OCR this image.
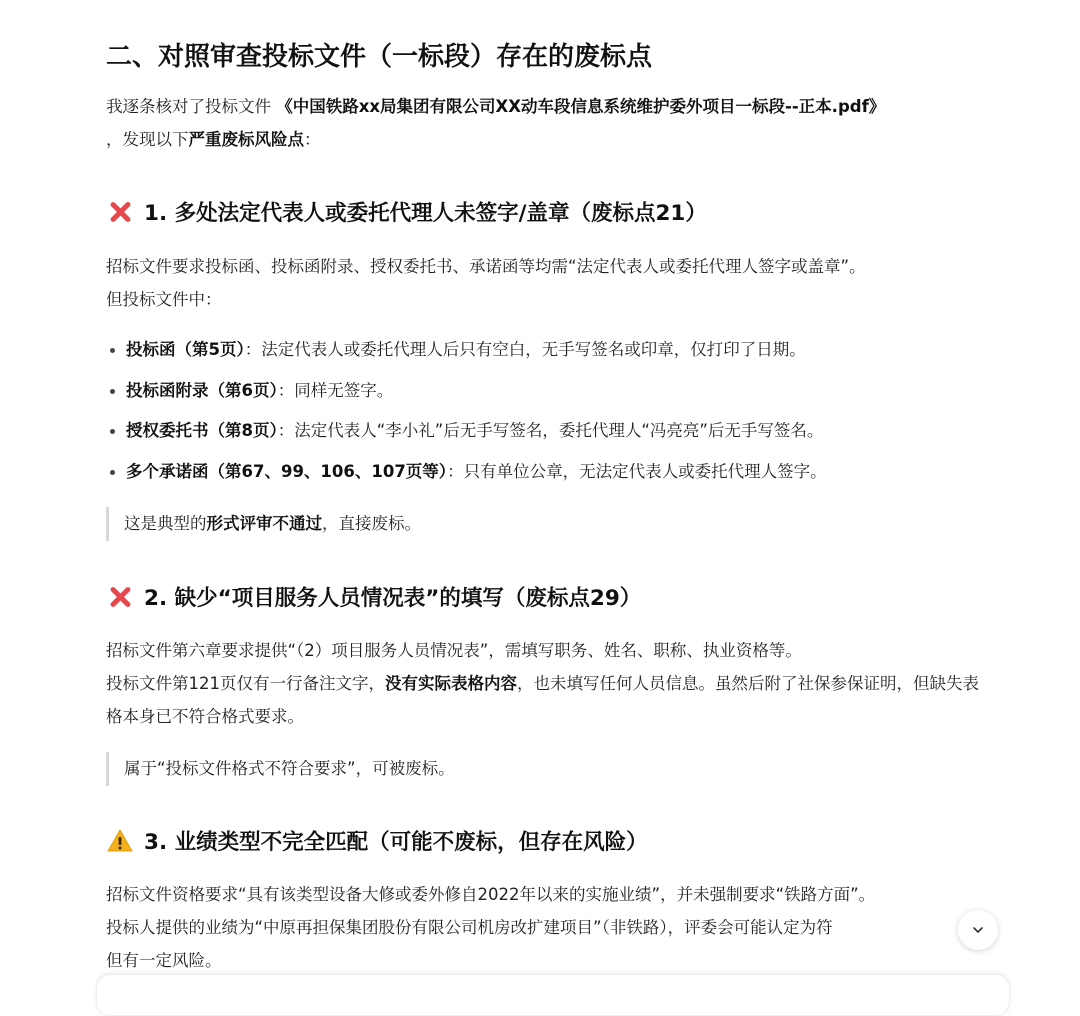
二、对照审查投标文件（一标段）存在的废标点

我逐条核对了投标文件 《中国铁路xx局集团有限公司XX动车段信息系统维护委外项目一标段--正本.pdf》
，发现以下严重废标风险点：

1. 多处法定代表人或委托代理人未签字/盖章（废标点21）

招标文件要求投标函、投标函附录、授权委托书、承诺函等均需“法定代表人或委托代理人签字或盖章”。

但投标文件中：

投标函（第5页）：法定代表人或委托代理人后只有空白，无手写签名或印章，仅打印了日期。
投标函附录（第6页）：同样无签字。
授权委托书（第8页）：法定代表人“李小礼”后无手写签名，委托代理人“冯亮亮”后无手写签名。
多个承诺函（第67、99、106、107页等）：只有单位公章，无法定代表人或委托代理人签字。
这是典型的形式评审不通过，直接废标。
2. 缺少“项目服务人员情况表”的填写（废标点29）

招标文件第六章要求提供“（2）项目服务人员情况表”，需填写职务、姓名、职称、执业资格等。

投标文件第121页仅有一行备注文字，没有实际表格内容，也未填写任何人员信息。虽然后附了社保参保证明，但缺失表格本身已不符合格式要求。

属于“投标文件格式不符合要求”，可被废标。
3. 业绩类型不完全匹配（可能不废标，但存在风险）

招标文件资格要求“具有该类型设备大修或委外修自2022年以来的实施业绩”，并未强制要求“铁路方面”。

投标人提供的业绩为“中原再担保集团股份有限公司机房改扩建项目”（非铁路），评委会可能认定为符

但有一定风险。
